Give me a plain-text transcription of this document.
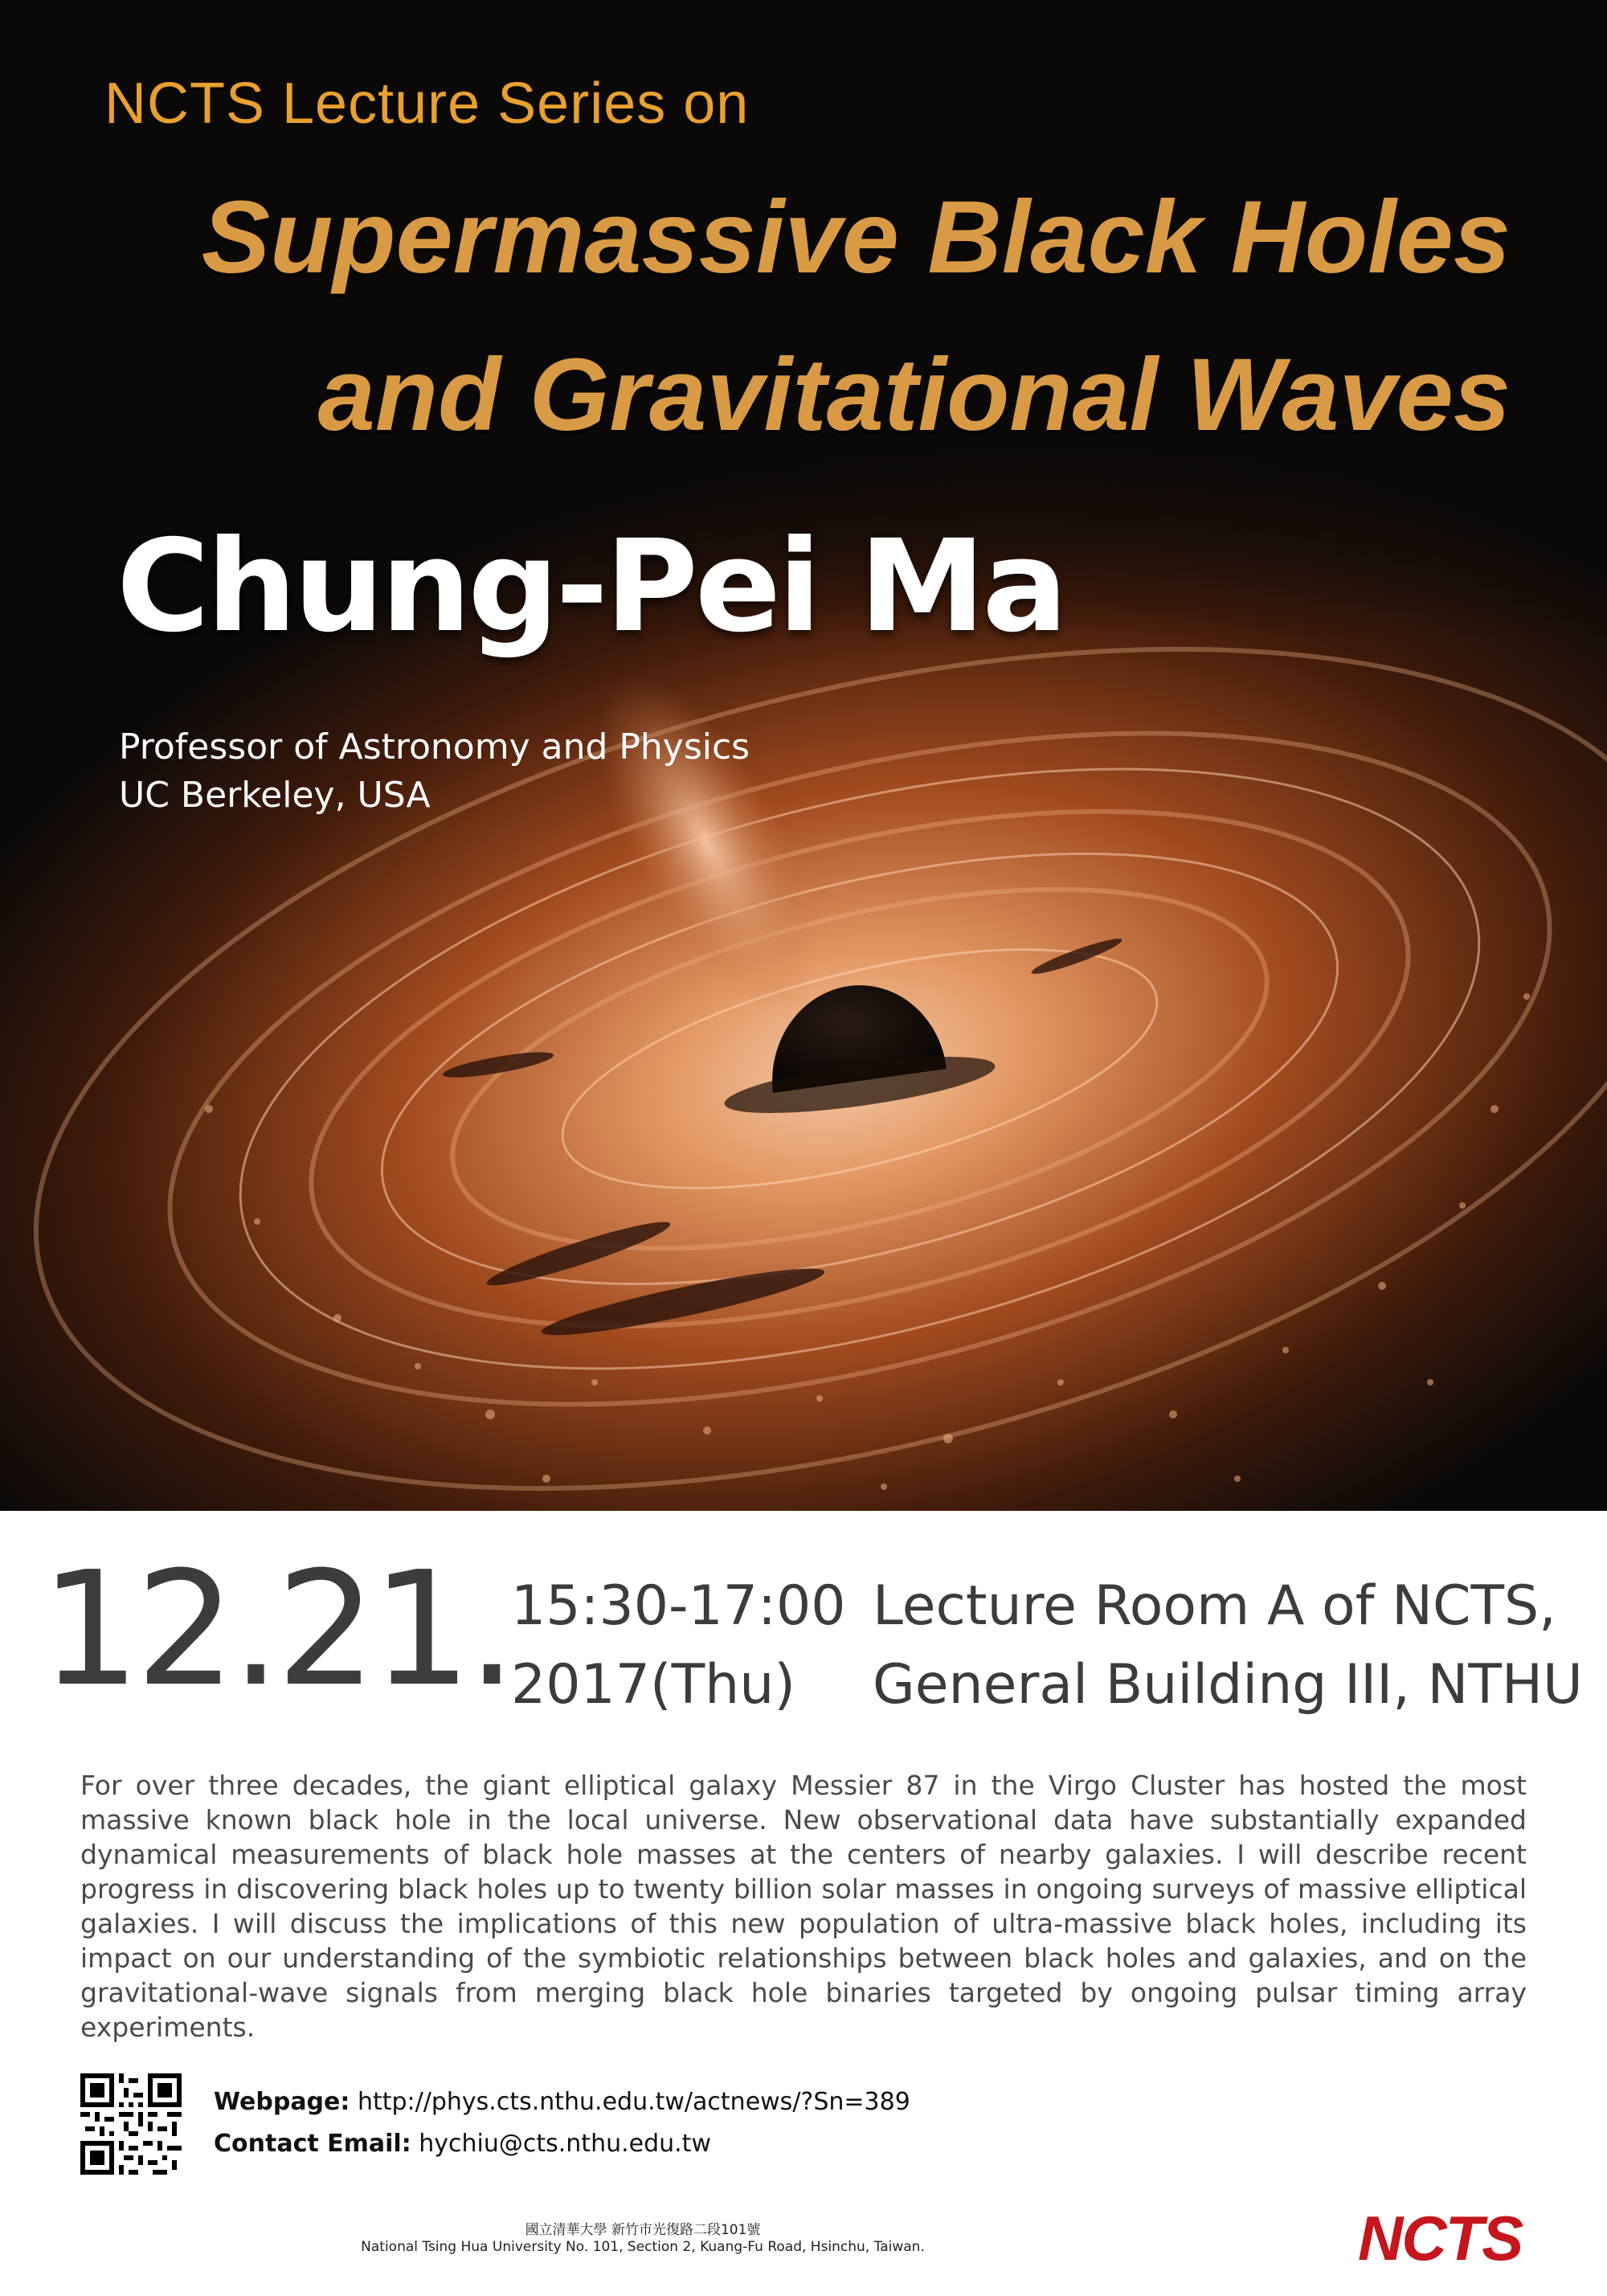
NCTS Lecture Series on
Supermassive Black Holes
and Gravitational Waves
Chung-Pei Ma
Professor of Astronomy and Physics
UC Berkeley, USA
12.21.
15:30-17:00
2017(Thu)
Lecture Room A of NCTS,
General Building III, NTHU

For over three decades, the giant elliptical galaxy Messier 87 in the Virgo Cluster has hosted the most massive known black hole in the local universe. New observational data have substantially expanded dynamical measurements of black hole masses at the centers of nearby galaxies. I will describe recent progress in discovering black holes up to twenty billion solar masses in ongoing surveys of massive elliptical galaxies. I will discuss the implications of this new population of ultra-massive black holes, including its impact on our understanding of the symbiotic relationships between black holes and galaxies, and on the gravitational-wave signals from merging black hole binaries targeted by ongoing pulsar timing array experiments.

Webpage: http://phys.cts.nthu.edu.tw/actnews/?Sn=389
Contact Email: hychiu@cts.nthu.edu.tw
國立清華大學 新竹市光復路二段101號
National Tsing Hua University No. 101, Section 2, Kuang-Fu Road, Hsinchu, Taiwan.	NCTS
